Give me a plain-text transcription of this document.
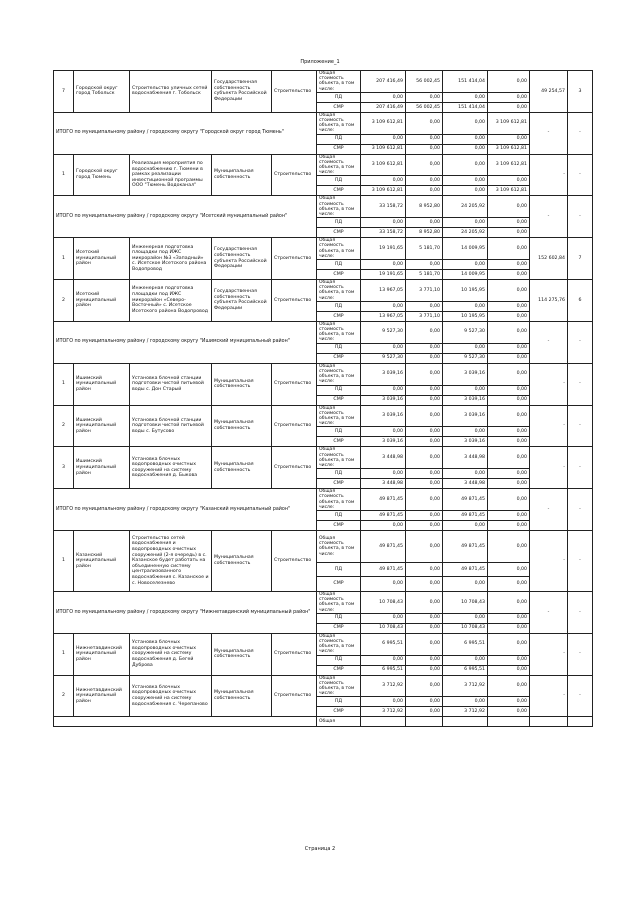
Приложение_1
7	Городской округ город Тобольск	Строительство уличных сетей водоснабжения г. Тобольск	Государственная собственность субъекта Российской Федерации	Строительство	Общая стоимость объекта, в том числе:	207 416,49	56 002,45	151 414,04	0,00	49 254,57	3
					ПД	0,00	0,00	0,00	0,00		
					СМР	207 416,49	56 002,45	151 414,04	0,00		
ИТОГО по муниципальному району / городскому округу "Городской округ город Тюмень"					Общая стоимость объекта, в том числе:	3 109 612,81	0,00	0,00	3 109 612,81	-	-
					ПД	0,00	0,00	0,00	0,00		
					СМР	3 109 612,81	0,00	0,00	3 109 612,81		
1	Городской округ город Тюмень	Реализация мероприятия по водоснабжению г. Тюмени в рамках реализации инвестиционной программы ООО "Тюмень Водоканал"	Муниципальная собственность	Строительство	Общая стоимость объекта, в том числе:	3 109 612,81	0,00	0,00	3 109 612,81	-	-
					ПД	0,00	0,00	0,00	0,00		
					СМР	3 109 612,81	0,00	0,00	3 109 612,81		
ИТОГО по муниципальному району / городскому округу "Исетский муниципальный район"					Общая стоимость объекта, в том числе:	33 158,72	8 952,80	24 205,92	0,00	-	-
					ПД	0,00	0,00	0,00	0,00		
					СМР	33 158,72	8 952,80	24 205,92	0,00		
1	Исетский муниципальный район	Инженерная подготовка площадки под ИЖС микрорайон №3 «Западный» с. Исетское Исетского района Водопровод	Государственная собственность субъекта Российской Федерации	Строительство	Общая стоимость объекта, в том числе:	19 191,65	5 181,70	14 009,95	0,00	152 602,84	7
					ПД	0,00	0,00	0,00	0,00		
					СМР	19 191,65	5 181,70	14 009,95	0,00		
2	Исетский муниципальный район	Инженерная подготовка площадки под ИЖС микрорайон «Северо-Восточный» с. Исетское Исетского района Водопровод	Государственная собственность субъекта Российской Федерации	Строительство	Общая стоимость объекта, в том числе:	13 967,05	3 771,10	10 195,95	0,00	114 275,76	6
					ПД	0,00	0,00	0,00	0,00		
					СМР	13 967,05	3 771,10	10 195,95	0,00		
ИТОГО по муниципальному району / городскому округу "Ишимский муниципальный район"					Общая стоимость объекта, в том числе:	9 527,30	0,00	9 527,30	0,00	-	-
					ПД	0,00	0,00	0,00	0,00		
					СМР	9 527,30	0,00	9 527,30	0,00		
1	Ишимский муниципальный район	Установка блочной станции подготовки чистой питьевой воды с. Дон Старый	Муниципальная собственность	Строительство	Общая стоимость объекта, в том числе:	3 039,16	0,00	3 039,16	0,00	-	-
					ПД	0,00	0,00	0,00	0,00		
					СМР	3 039,16	0,00	3 039,16	0,00		
2	Ишимский муниципальный район	Установка блочной станции подготовки чистой питьевой воды с. Бутусово	Муниципальная собственность	Строительство	Общая стоимость объекта, в том числе:	3 039,16	0,00	3 039,16	0,00	-	-
					ПД	0,00	0,00	0,00	0,00		
					СМР	3 039,16	0,00	3 039,16	0,00		
3	Ишимский муниципальный район	Установка блочных водопроводных очистных сооружений на систему водоснабжения д. Быкова	Муниципальная собственность	Строительство	Общая стоимость объекта, в том числе:	3 448,98	0,00	3 448,98	0,00	-	-
					ПД	0,00	0,00	0,00	0,00		
					СМР	3 448,98	0,00	3 448,98	0,00		
ИТОГО по муниципальному району / городскому округу "Казанский муниципальный район"					Общая стоимость объекта, в том числе:	49 871,45	0,00	49 871,45	0,00	-	-
					ПД	49 871,45	0,00	49 871,45	0,00		
					СМР	0,00	0,00	0,00	0,00		
1	Казанский муниципальный район	Строительство сетей водоснабжения и водопроводных очистных сооружений (2-я очередь) в с. Казанское будет работать на объединенную систему централизованного водоснабжения с. Казанское и с. Новоселезнево	Муниципальная собственность	Строительство	Общая стоимость объекта, в том числе:	49 871,45	0,00	49 871,45	0,00	-	-
					ПД	49 871,45	0,00	49 871,45	0,00		
					СМР	0,00	0,00	0,00	0,00		
ИТОГО по муниципальному району / городскому округу "Нижнетавдинский муниципальный район"					Общая стоимость объекта, в том числе:	10 708,43	0,00	10 708,43	0,00	-	-
					ПД	0,00	0,00	0,00	0,00		
					СМР	10 708,43	0,00	10 708,43	0,00		
1	Нижнетавдинский муниципальный район	Установка блочных водопроводных очистных сооружений на систему водоснабжения д. Бегей Дуброва	Муниципальная собственность	Строительство	Общая стоимость объекта, в том числе:	6 995,51	0,00	6 995,51	0,00	-	-
					ПД	0,00	0,00	0,00	0,00		
					СМР	6 995,51	0,00	6 995,51	0,00		
2	Нижнетавдинский муниципальный район	Установка блочных водопроводных очистных сооружений на систему водоснабжения с. Черепаново	Муниципальная собственность	Строительство	Общая стоимость объекта, в том числе:	3 712,92	0,00	3 712,92	0,00	-	-
					ПД	0,00	0,00	0,00	0,00		
					СМР	3 712,92	0,00	3 712,92	0,00		
					Общая						
Страница 2
